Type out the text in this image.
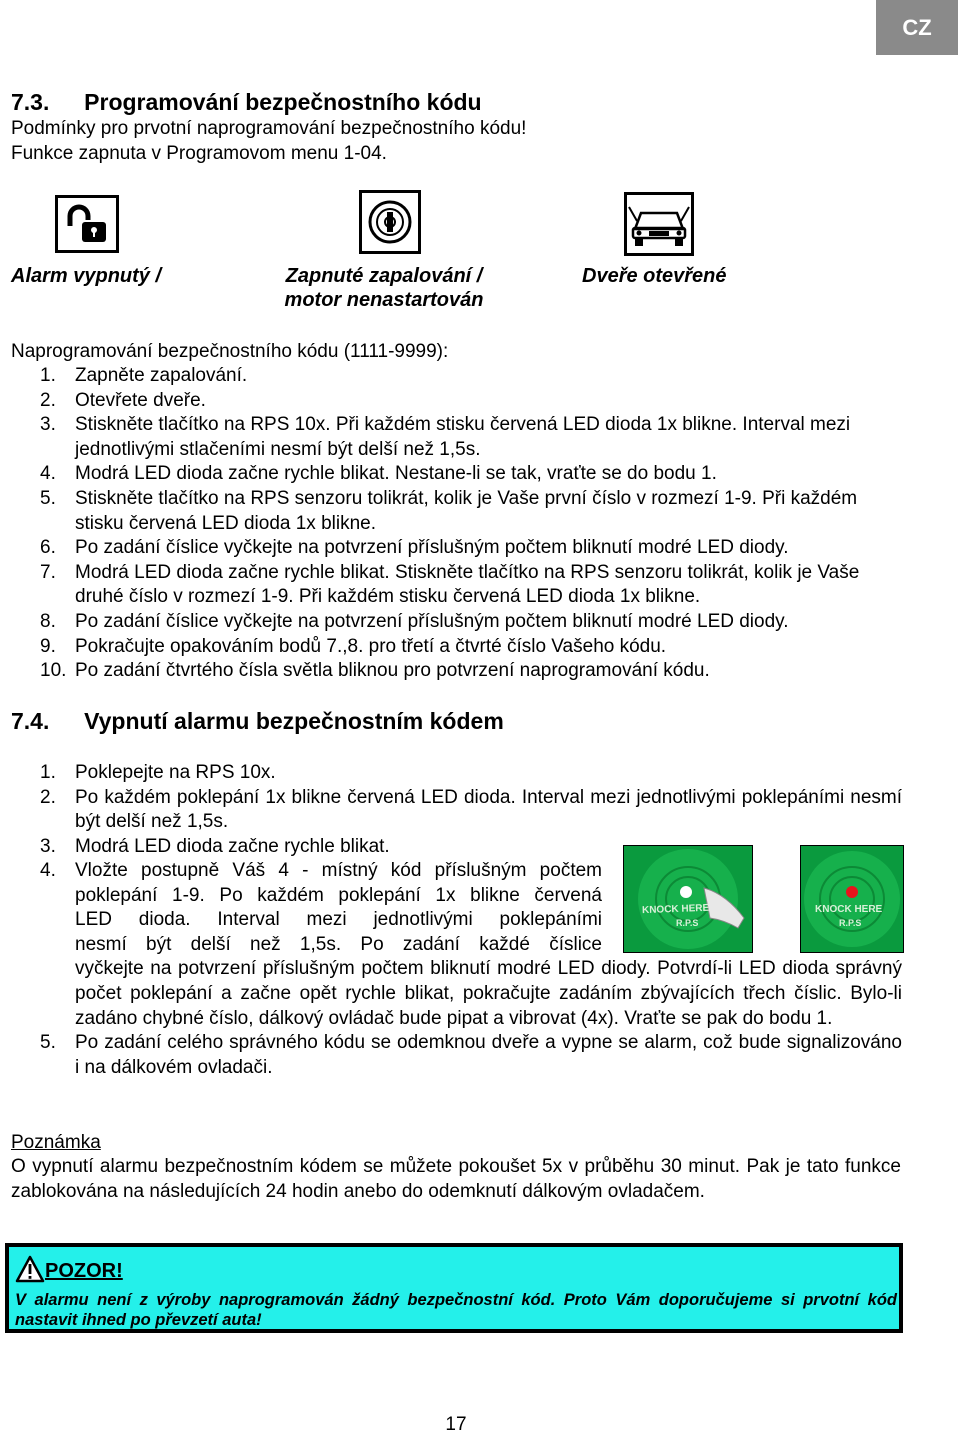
CZ
7.3. Programování bezpečnostního kódu
Podmínky pro prvotní naprogramování bezpečnostního kódu!
Funkce zapnuta v Programovom menu 1-04.
Alarm vypnutý /	Zapnuté zapalování /
motor nenastartován
Dveře otevřené
Naprogramování bezpečnostního kódu (1111-9999):
1. Zapněte zapalování.
2. Otevřete dveře.
3. Stiskněte tlačítko na RPS 10x. Při každém stisku červená LED dioda 1x blikne. Interval mezi jednotlivými stlačeními nesmí být delší než 1,5s.
4. Modrá LED dioda začne rychle blikat. Nestane-li se tak, vraťte se do bodu 1.
5. Stiskněte tlačítko na RPS senzoru tolikrát, kolik je Vaše první číslo v rozmezí 1-9. Při každém stisku červená LED dioda 1x blikne.
6. Po zadání číslice vyčkejte na potvrzení příslušným počtem bliknutí modré LED diody.
7. Modrá LED dioda začne rychle blikat. Stiskněte tlačítko na RPS senzoru tolikrát, kolik je Vaše druhé číslo v rozmezí 1-9. Při každém stisku červená LED dioda 1x blikne.
8. Po zadání číslice vyčkejte na potvrzení příslušným počtem bliknutí modré LED diody.
9. Pokračujte opakováním bodů 7.,8. pro třetí a čtvrté číslo Vašeho kódu.
10. Po zadání čtvrtého čísla světla bliknou pro potvrzení naprogramování kódu.
7.4. Vypnutí alarmu bezpečnostním kódem
1. Poklepejte na RPS 10x.
2. Po každém poklepání 1x blikne červená LED dioda. Interval mezi jednotlivými poklepáními nesmí být delší než 1,5s.
3. Modrá LED dioda začne rychle blikat.
4. Vložte postupně Váš 4 - místný kód příslušným počtem
poklepání 1-9. Po každém poklepání 1x blikne červená
LED dioda. Interval mezi jednotlivými poklepáními
nesmí být delší než 1,5s. Po zadání každé číslice
vyčkejte na potvrzení příslušným počtem bliknutí modré LED diody. Potvrdí-li LED dioda správný počet poklepání a začne opět rychle blikat, pokračujte zadáním zbývajících třech číslic. Bylo-li zadáno chybné číslo, dálkový ovládač bude pipat a vibrovat (4x). Vraťte se pak do bodu 1.
5. Po zadání celého správného kódu se odemknou dveře a vypne se alarm, což bude signalizováno i na dálkovém ovladači.
KNOCK HERE
R.P.S
KNOCK HERE
R.P.S
Poznámka
O vypnutí alarmu bezpečnostním kódem se můžete pokoušet 5x v průběhu 30 minut. Pak je tato funkce zablokována na následujících 24 hodin anebo do odemknutí dálkovým ovladačem.
POZOR!
V alarmu není z výroby naprogramován žádný bezpečnostní kód. Proto Vám doporučujeme si prvotní kód nastavit ihned po převzetí auta!
17
